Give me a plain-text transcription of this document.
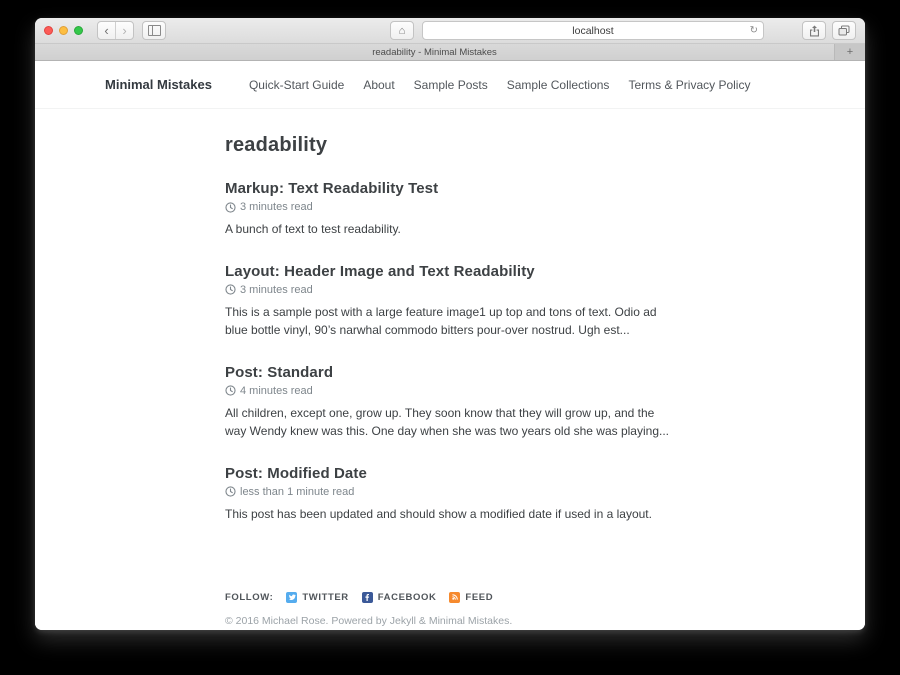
‹	›	⌂	localhost	↻
readability - Minimal Mistakes	+
Minimal Mistakes	Quick-Start Guide About Sample Posts Sample Collections Terms & Privacy Policy
readability
Markup: Text Readability Test
3 minutes read

A bunch of text to test readability.

Layout: Header Image and Text Readability
3 minutes read

This is a sample post with a large feature image1 up top and tons of text. Odio ad blue bottle vinyl, 90’s narwhal commodo bitters pour-over nostrud. Ugh est...

Post: Standard
4 minutes read

All children, except one, grow up. They soon know that they will grow up, and the way Wendy knew was this. One day when she was two years old she was playing...

Post: Modified Date
less than 1 minute read

This post has been updated and should show a modified date if used in a layout.

FOLLOW:	TWITTER	FACEBOOK	FEED
© 2016 Michael Rose. Powered by Jekyll & Minimal Mistakes.
